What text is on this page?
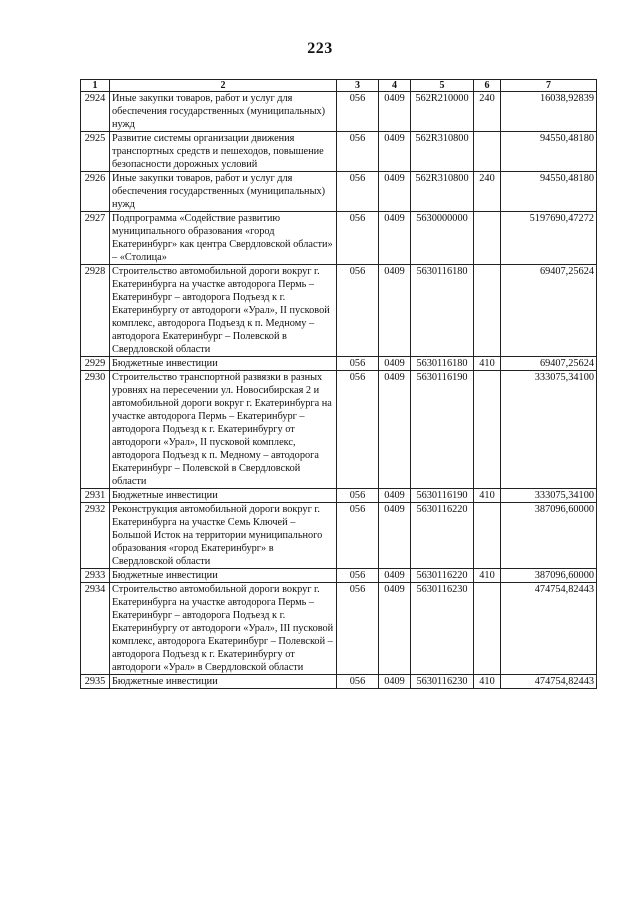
223
1	2	3	4	5	6	7
2924	Иные закупки товаров, работ и услуг для обеспечения государственных (муниципальных) нужд	056	0409	562R210000	240	16038,92839
2925	Развитие системы организации движения транспортных средств и пешеходов, повышение безопасности дорожных условий	056	0409	562R310800		94550,48180
2926	Иные закупки товаров, работ и услуг для обеспечения государственных (муниципальных) нужд	056	0409	562R310800	240	94550,48180
2927	Подпрограмма «Содействие развитию муниципального образования «город Екатеринбург» как центра Свердловской области» – «Столица»	056	0409	5630000000		5197690,47272
2928	Строительство автомобильной дороги вокруг г. Екатеринбурга на участке автодорога Пермь – Екатеринбург – автодорога Подъезд к г. Екатеринбургу от автодороги «Урал», II пусковой комплекс, автодорога Подъезд к п. Медному – автодорога Екатеринбург – Полевской в Свердловской области	056	0409	5630116180		69407,25624
2929	Бюджетные инвестиции	056	0409	5630116180	410	69407,25624
2930	Строительство транспортной развязки в разных уровнях на пересечении ул. Новосибирская 2 и автомобильной дороги вокруг г. Екатеринбурга на участке автодорога Пермь – Екатеринбург – автодорога Подъезд к г. Екатеринбургу от автодороги «Урал», II пусковой комплекс, автодорога Подъезд к п. Медному – автодорога Екатеринбург – Полевской в Свердловской области	056	0409	5630116190		333075,34100
2931	Бюджетные инвестиции	056	0409	5630116190	410	333075,34100
2932	Реконструкция автомобильной дороги вокруг г. Екатеринбурга на участке Семь Ключей – Большой Исток на территории муниципального образования «город Екатеринбург» в Свердловской области	056	0409	5630116220		387096,60000
2933	Бюджетные инвестиции	056	0409	5630116220	410	387096,60000
2934	Строительство автомобильной дороги вокруг г. Екатеринбурга на участке автодорога Пермь – Екатеринбург – автодорога Подъезд к г. Екатеринбургу от автодороги «Урал», III пусковой комплекс, автодорога Екатеринбург – Полевской – автодорога Подъезд к г. Екатеринбургу от автодороги «Урал» в Свердловской области	056	0409	5630116230		474754,82443
2935	Бюджетные инвестиции	056	0409	5630116230	410	474754,82443
